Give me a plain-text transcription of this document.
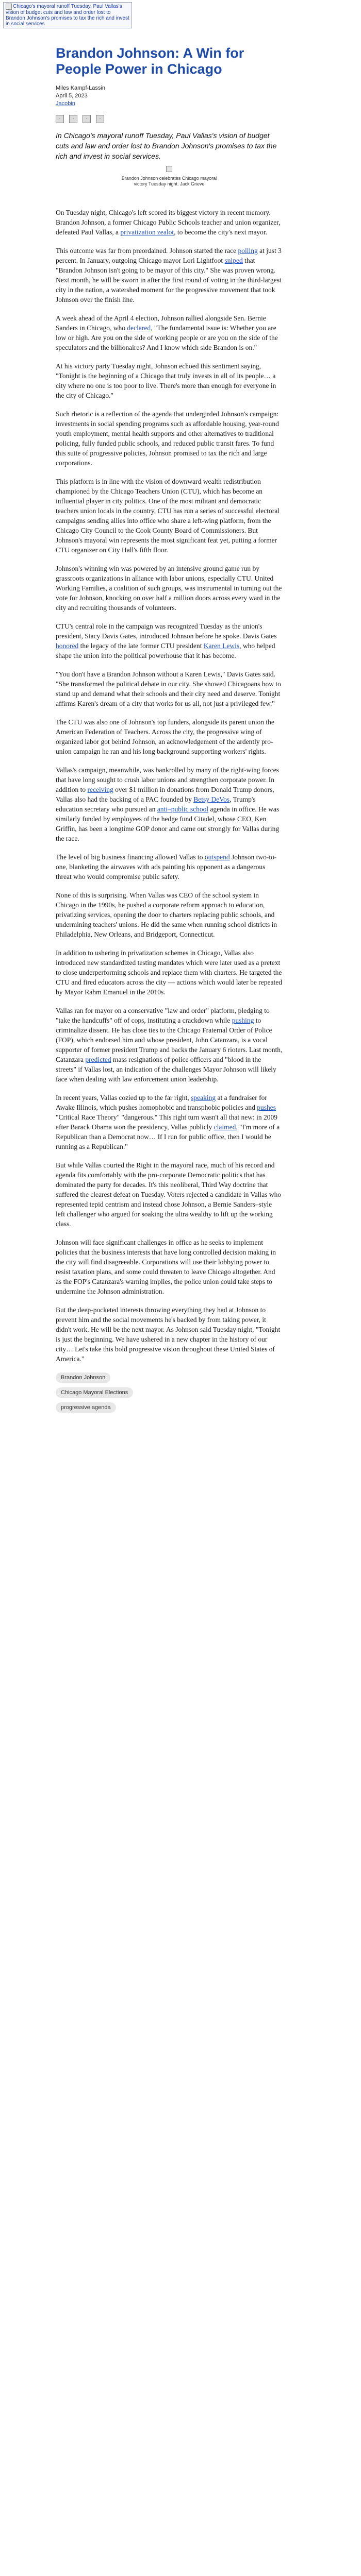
Chicago's mayoral runoff Tuesday, Paul Vallas's vision of budget cuts and law and order lost to Brandon Johnson's promises to tax the rich and invest in social services
Brandon Johnson: A Win for People Power in Chicago
Miles Kampf-Lassin
April 5, 2023
Jacobin
·	·	·	·

In Chicago's mayoral runoff Tuesday, Paul Vallas's vision of budget cuts and law and order lost to Brandon Johnson's promises to tax the rich and invest in social services.

Brandon Johnson celebrates Chicago mayoral victory Tuesday night. Jack Grieve

On Tuesday night, Chicago's left scored its biggest victory in recent memory. Brandon Johnson, a former Chicago Public Schools teacher and union organizer, defeated Paul Vallas, a privatization zealot, to become the city's next mayor.

This outcome was far from preordained. Johnson started the race polling at just 3 percent. In January, outgoing Chicago mayor Lori Lightfoot sniped that "Brandon Johnson isn't going to be mayor of this city." She was proven wrong. Next month, he will be sworn in after the first round of voting in the third-largest city in the nation, a watershed moment for the progressive movement that took Johnson over the finish line.

A week ahead of the April 4 election, Johnson rallied alongside Sen. Bernie Sanders in Chicago, who declared, "The fundamental issue is: Whether you are low or high. Are you on the side of working people or are you on the side of the speculators and the billionaires? And I know which side Brandon is on."

At his victory party Tuesday night, Johnson echoed this sentiment saying, "Tonight is the beginning of a Chicago that truly invests in all of its people… a city where no one is too poor to live. There's more than enough for everyone in the city of Chicago."

Such rhetoric is a reflection of the agenda that undergirded Johnson's campaign: investments in social spending programs such as affordable housing, year-round youth employment, mental health supports and other alternatives to traditional policing, fully funded public schools, and reduced public transit fares. To fund this suite of progressive policies, Johnson promised to tax the rich and large corporations.

This platform is in line with the vision of downward wealth redistribution championed by the Chicago Teachers Union (CTU), which has become an influential player in city politics. One of the most militant and democratic teachers union locals in the country, CTU has run a series of successful electoral campaigns sending allies into office who share a left-wing platform, from the Chicago City Council to the Cook County Board of Commissioners. But Johnson's mayoral win represents the most significant feat yet, putting a former CTU organizer on City Hall's fifth floor.

Johnson's winning win was powered by an intensive ground game run by grassroots organizations in alliance with labor unions, especially CTU. United Working Families, a coalition of such groups, was instrumental in turning out the vote for Johnson, knocking on over half a million doors across every ward in the city and recruiting thousands of volunteers.

CTU's central role in the campaign was recognized Tuesday as the union's president, Stacy Davis Gates, introduced Johnson before he spoke. Davis Gates honored the legacy of the late former CTU president Karen Lewis, who helped shape the union into the political powerhouse that it has become.

"You don't have a Brandon Johnson without a Karen Lewis," Davis Gates said. "She transformed the political debate in our city. She showed Chicagoans how to stand up and demand what their schools and their city need and deserve. Tonight affirms Karen's dream of a city that works for us all, not just a privileged few."

The CTU was also one of Johnson's top funders, alongside its parent union the American Federation of Teachers. Across the city, the progressive wing of organized labor got behind Johnson, an acknowledgement of the ardently pro-union campaign he ran and his long background supporting workers' rights.

Vallas's campaign, meanwhile, was bankrolled by many of the right-wing forces that have long sought to crush labor unions and strengthen corporate power. In addition to receiving over $1 million in donations from Donald Trump donors, Vallas also had the backing of a PAC founded by Betsy DeVos, Trump's education secretary who pursued an anti–public school agenda in office. He was similarly funded by employees of the hedge fund Citadel, whose CEO, Ken Griffin, has been a longtime GOP donor and came out strongly for Vallas during the race.

The level of big business financing allowed Vallas to outspend Johnson two-to-one, blanketing the airwaves with ads painting his opponent as a dangerous threat who would compromise public safety.

None of this is surprising. When Vallas was CEO of the school system in Chicago in the 1990s, he pushed a corporate reform approach to education, privatizing services, opening the door to charters replacing public schools, and undermining teachers' unions. He did the same when running school districts in Philadelphia, New Orleans, and Bridgeport, Connecticut.

In addition to ushering in privatization schemes in Chicago, Vallas also introduced new standardized testing mandates which were later used as a pretext to close underperforming schools and replace them with charters. He targeted the CTU and fired educators across the city — actions which would later be repeated by Mayor Rahm Emanuel in the 2010s.

Vallas ran for mayor on a conservative "law and order" platform, pledging to "take the handcuffs" off of cops, instituting a crackdown while pushing to criminalize dissent. He has close ties to the Chicago Fraternal Order of Police (FOP), which endorsed him and whose president, John Catanzara, is a vocal supporter of former president Trump and backs the January 6 rioters. Last month, Catanzara predicted mass resignations of police officers and "blood in the streets" if Vallas lost, an indication of the challenges Mayor Johnson will likely face when dealing with law enforcement union leadership.

In recent years, Vallas cozied up to the far right, speaking at a fundraiser for Awake Illinois, which pushes homophobic and transphobic policies and pushes "Critical Race Theory" "dangerous." This right turn wasn't all that new: in 2009 after Barack Obama won the presidency, Vallas publicly claimed, "I'm more of a Republican than a Democrat now… If I run for public office, then I would be running as a Republican."

But while Vallas courted the Right in the mayoral race, much of his record and agenda fits comfortably with the pro-corporate Democratic politics that has dominated the party for decades. It's this neoliberal, Third Way doctrine that suffered the clearest defeat on Tuesday. Voters rejected a candidate in Vallas who represented tepid centrism and instead chose Johnson, a Bernie Sanders–style left challenger who argued for soaking the ultra wealthy to lift up the working class.

Johnson will face significant challenges in office as he seeks to implement policies that the business interests that have long controlled decision making in the city will find disagreeable. Corporations will use their lobbying power to resist taxation plans, and some could threaten to leave Chicago altogether. And as the FOP's Catanzara's warning implies, the police union could take steps to undermine the Johnson administration.

But the deep-pocketed interests throwing everything they had at Johnson to prevent him and the social movements he's backed by from taking power, it didn't work. He will be the next mayor. As Johnson said Tuesday night, "Tonight is just the beginning. We have ushered in a new chapter in the history of our city… Let's take this bold progressive vision throughout these United States of America."

Brandon Johnson
Chicago Mayoral Elections
progressive agenda
